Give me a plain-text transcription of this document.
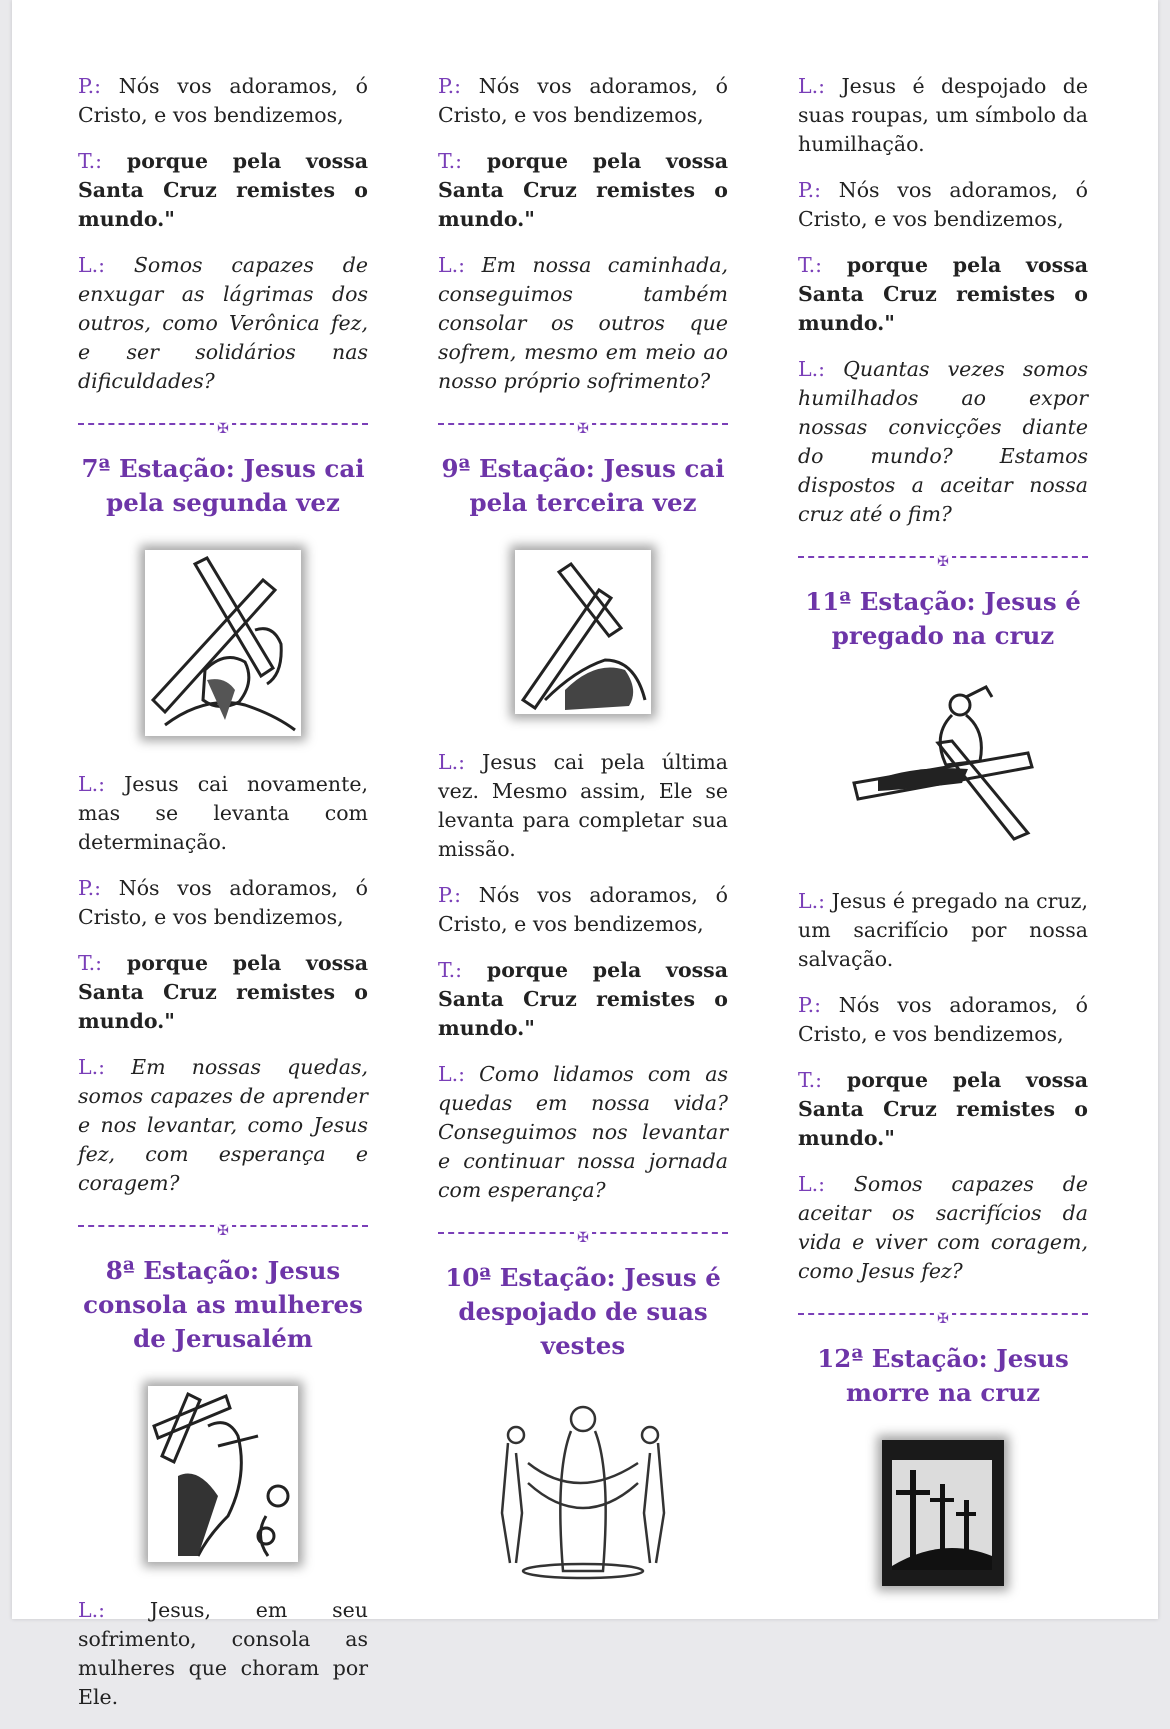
P.: Nós vos adoramos, ó Cristo, e vos bendizemos,

T.: porque pela vossa Santa Cruz remistes o mundo."

L.: Somos capazes de enxugar as lágrimas dos outros, como Verônica fez, e ser solidários nas dificuldades?

✠
7ª Estação: Jesus cai pela segunda vez

L.: Jesus cai novamente, mas se levanta com determinação.

P.: Nós vos adoramos, ó Cristo, e vos bendizemos,

T.: porque pela vossa Santa Cruz remistes o mundo."

L.: Em nossas quedas, somos capazes de aprender e nos levantar, como Jesus fez, com esperança e coragem?

✠
8ª Estação: Jesus consola as mulheres de Jerusalém

L.: Jesus, em seu sofrimento, consola as mulheres que choram por Ele.

P.: Nós vos adoramos, ó Cristo, e vos bendizemos,

T.: porque pela vossa Santa Cruz remistes o mundo."

L.: Em nossa caminhada, conseguimos também consolar os outros que sofrem, mesmo em meio ao nosso próprio sofrimento?

✠
9ª Estação: Jesus cai pela terceira vez

L.: Jesus cai pela última vez. Mesmo assim, Ele se levanta para completar sua missão.

P.: Nós vos adoramos, ó Cristo, e vos bendizemos,

T.: porque pela vossa Santa Cruz remistes o mundo."

L.: Como lidamos com as quedas em nossa vida? Conseguimos nos levantar e continuar nossa jornada com esperança?

✠
10ª Estação: Jesus é despojado de suas vestes

L.: Jesus é despojado de suas roupas, um símbolo da humilhação.

P.: Nós vos adoramos, ó Cristo, e vos bendizemos,

T.: porque pela vossa Santa Cruz remistes o mundo."

L.: Quantas vezes somos humilhados ao expor nossas convicções diante do mundo? Estamos dispostos a aceitar nossa cruz até o fim?

✠
11ª Estação: Jesus é pregado na cruz

L.: Jesus é pregado na cruz, um sacrifício por nossa salvação.

P.: Nós vos adoramos, ó Cristo, e vos bendizemos,

T.: porque pela vossa Santa Cruz remistes o mundo."

L.: Somos capazes de aceitar os sacrifícios da vida e viver com coragem, como Jesus fez?

✠
12ª Estação: Jesus morre na cruz
